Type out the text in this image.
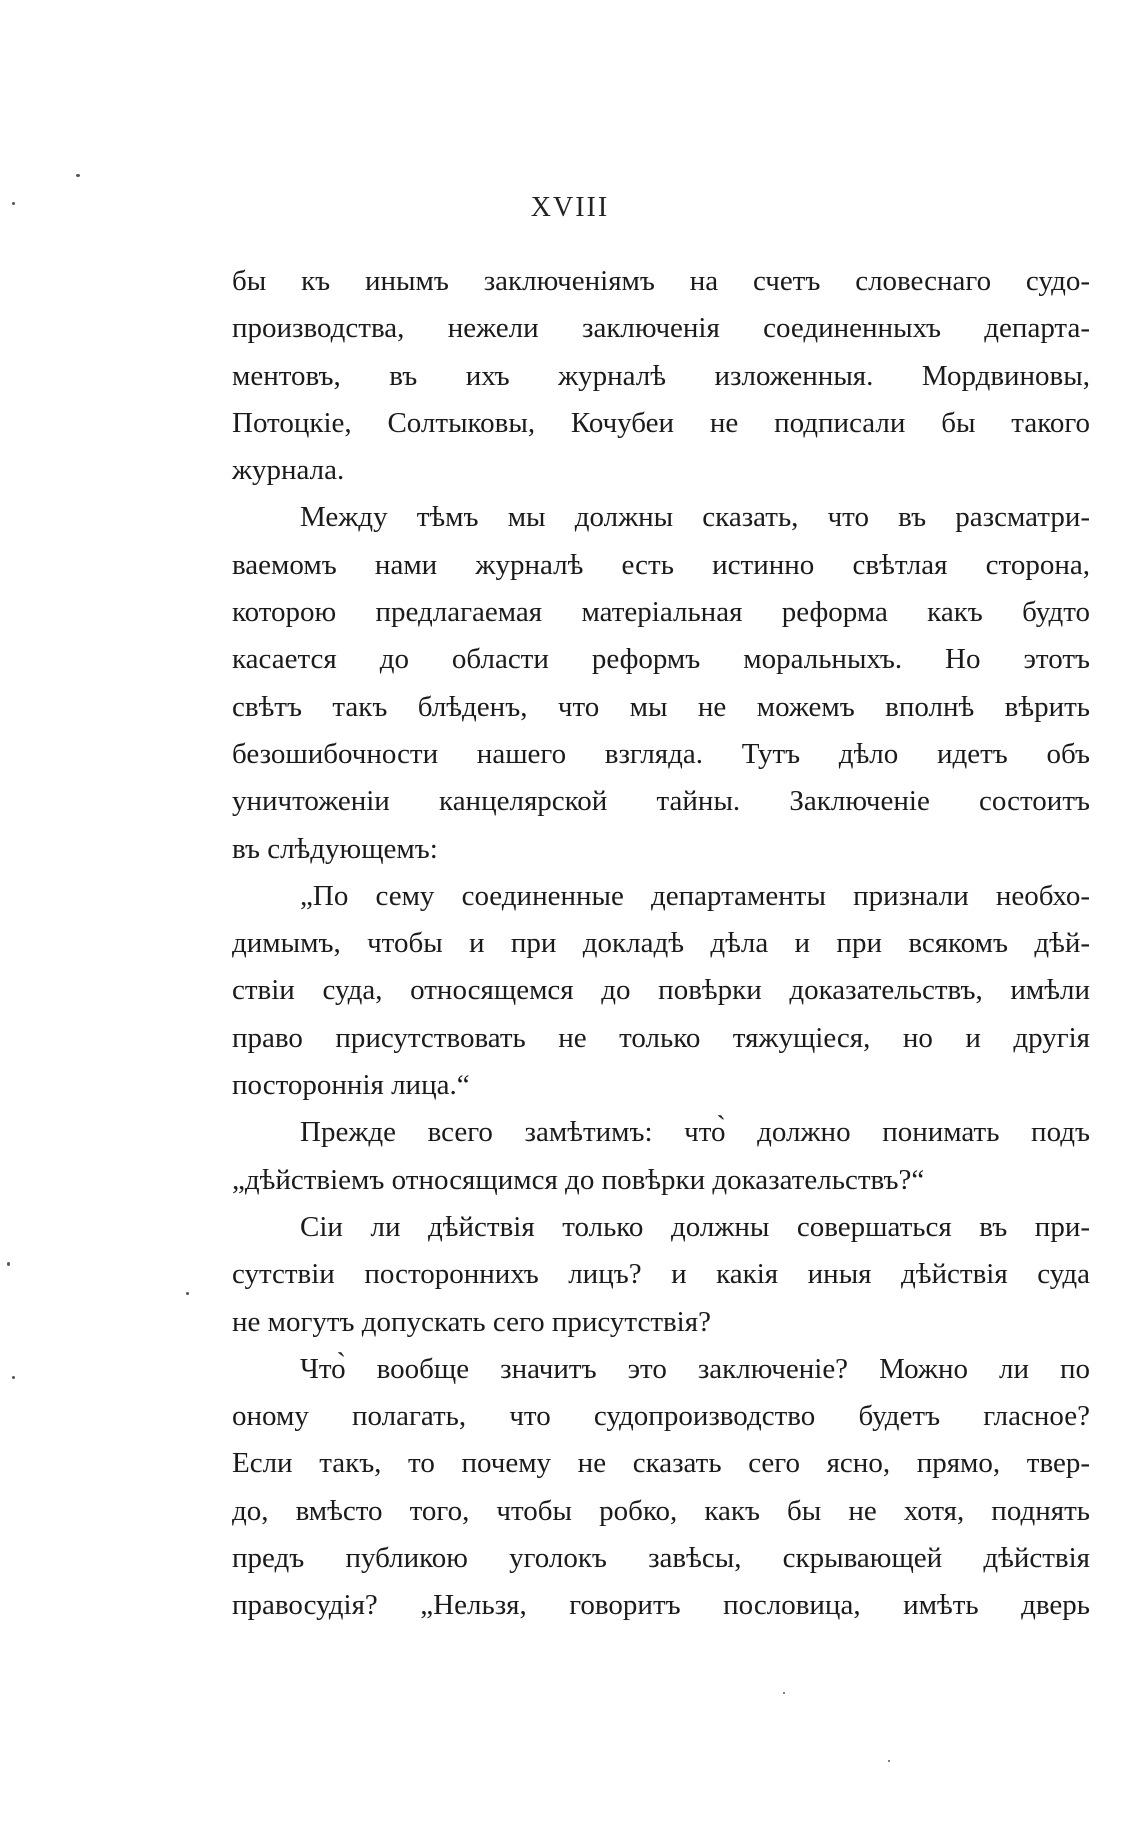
XVIII
бы къ инымъ заключеніямъ на счетъ словеснаго судо-
производства, нежели заключенія соединенныхъ департа-
ментовъ, въ ихъ журналѣ изложенныя. Мордвиновы,
Потоцкіе, Солтыковы, Кочубеи не подписали бы такого
журнала.
Между тѣмъ мы должны сказать, что въ разсматри-
ваемомъ нами журналѣ есть истинно свѣтлая сторона,
которою предлагаемая матеріальная реформа какъ будто
касается до области реформъ моральныхъ. Но этотъ
свѣтъ такъ блѣденъ, что мы не можемъ вполнѣ вѣрить
безошибочности нашего взгляда. Тутъ дѣло идетъ объ
уничтоженіи канцелярской тайны. Заключеніе состоитъ
въ слѣдующемъ:
„По сему соединенные департаменты признали необхо-
димымъ, чтобы и при докладѣ дѣла и при всякомъ дѣй-
ствіи суда, относящемся до повѣрки доказательствъ, имѣли
право присутствовать не только тяжущіеся, но и другія
постороннія лица.“
Прежде всего замѣтимъ: что̀ должно понимать подъ
„дѣйствіемъ относящимся до повѣрки доказательствъ?“
Сіи ли дѣйствія только должны совершаться въ при-
сутствіи постороннихъ лицъ? и какія иныя дѣйствія суда
не могутъ допускать сего присутствія?
Что̀ вообще значитъ это заключеніе? Можно ли по
оному полагать, что судопроизводство будетъ гласное?
Если такъ, то почему не сказать сего ясно, прямо, твер-
до, вмѣсто того, чтобы робко, какъ бы не хотя, поднять
предъ публикою уголокъ завѣсы, скрывающей дѣйствія
правосудія? „Нельзя, говоритъ пословица, имѣть дверь
